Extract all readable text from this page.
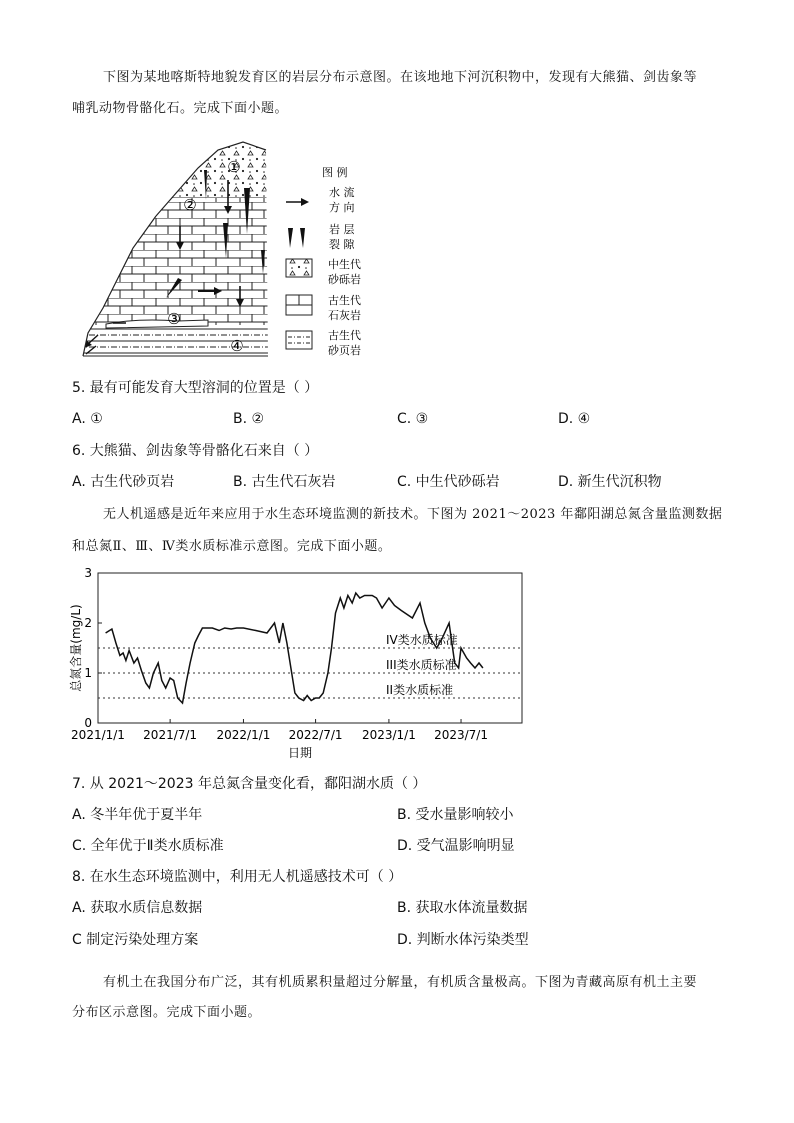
下图为某地喀斯特地貌发育区的岩层分布示意图。在该地地下河沉积物中，发现有大熊猫、剑齿象等
哺乳动物骨骼化石。完成下面小题。
①
②
③
④
图 例
水 流
方 向
岩 层
裂 隙
中生代
砂砾岩
古生代
石灰岩
古生代
砂页岩
5. 最有可能发育大型溶洞的位置是（ ）
A. ①	B. ②	C. ③	D. ④
6. 大熊猫、剑齿象等骨骼化石来自（ ）
A. 古生代砂页岩	B. 古生代石灰岩	C. 中生代砂砾岩	D. 新生代沉积物
无人机遥感是近年来应用于水生态环境监测的新技术。下图为 2021～2023 年鄱阳湖总氮含量监测数据
和总氮Ⅱ、Ⅲ、Ⅳ类水质标准示意图。完成下面小题。
IV类水质标准
III类水质标准
II类水质标准
0
1
2
3
2021/1/1 2021/7/1 2022/1/1 2022/7/1 2023/1/1 2023/7/1
总氮含量(mg/L)
日期
7. 从 2021～2023 年总氮含量变化看，鄱阳湖水质（ ）
A. 冬半年优于夏半年	B. 受水量影响较小
C. 全年优于Ⅱ类水质标准	D. 受气温影响明显
8. 在水生态环境监测中，利用无人机遥感技术可（ ）
A. 获取水质信息数据	B. 获取水体流量数据
C 制定污染处理方案	D. 判断水体污染类型
有机土在我国分布广泛，其有机质累积量超过分解量，有机质含量极高。下图为青藏高原有机土主要
分布区示意图。完成下面小题。
